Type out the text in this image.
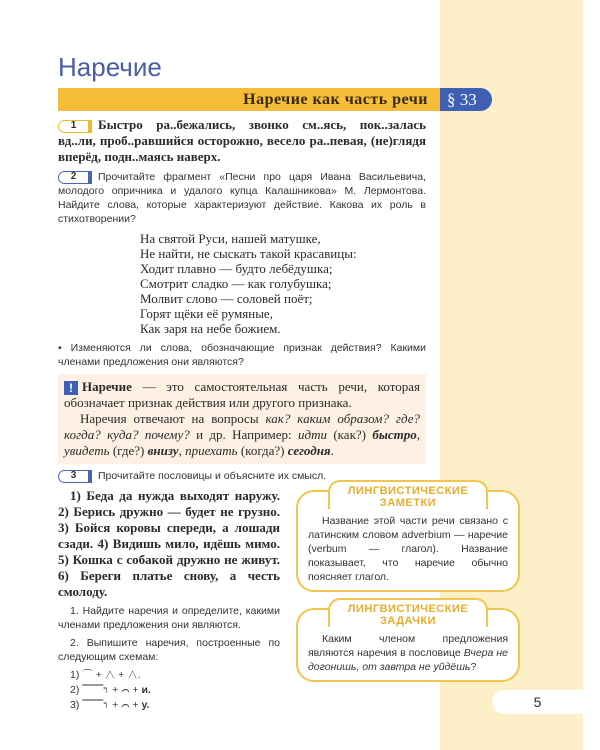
Наречие
Наречие как часть речи	§ 33
1 Быстро ра..бежались, звонко см..ясь, пок..залась вд..ли, проб..равшийся осторожно, весело ра..певая, (не)глядя вперёд, подн..маясь наверх.
2 Прочитайте фрагмент «Песни про царя Ивана Васильевича, молодого опричника и удалого купца Калашникова» М. Лермонтова. Найдите слова, которые характеризуют действие. Какова их роль в стихотворении?
На святой Руси, нашей матушке,
Не найти, не сыскать такой красавицы:
Ходит плавно — будто лебёдушка;
Смотрит сладко — как голубушка;
Молвит слово — соловей поёт;
Горят щёки её румяные,
Как заря на небе божием.
• Изменяются ли слова, обозначающие признак действия? Какими членами предложения они являются?
! Наречие — это самостоятельная часть речи, которая обозначает признак действия или другого признака.
Наречия отвечают на вопросы как? каким образом? где? когда? куда? почему? и др. Например: идти (как?) быстро, увидеть (где?) внизу, приехать (когда?) сегодня.
3 Прочитайте пословицы и объясните их смысл.
1) Беда да нужда выходят наружу. 2) Берись дружно — будет не грузно. 3) Бойся коровы спереди, а лошади сзади. 4) Видишь мило, идёшь мимо. 5) Кошка с собакой дружно не живут. 6) Береги платье снову, а честь смолоду.
1. Найдите наречия и определите, какими членами предложения они являются.
2. Выпишите наречия, построенные по следующим схемам:
1) ⌒ + ∧ + ∧.
2) ⎺⎺⌉ + ⌒ + и.
3) ⎺⎺⌉ + ⌒ + у.
ЛИНГВИСТИЧЕСКИЕ
ЗАМЕТКИ
Название этой части речи связано с латинским словом adverbium — наречие (verbum — глагол). Название показывает, что наречие обычно поясняет глагол.
ЛИНГВИСТИЧЕСКИЕ
ЗАДАЧКИ
Каким членом предложения являются наречия в пословице Вчера не догонишь, от завтра не уйдёшь?
5
